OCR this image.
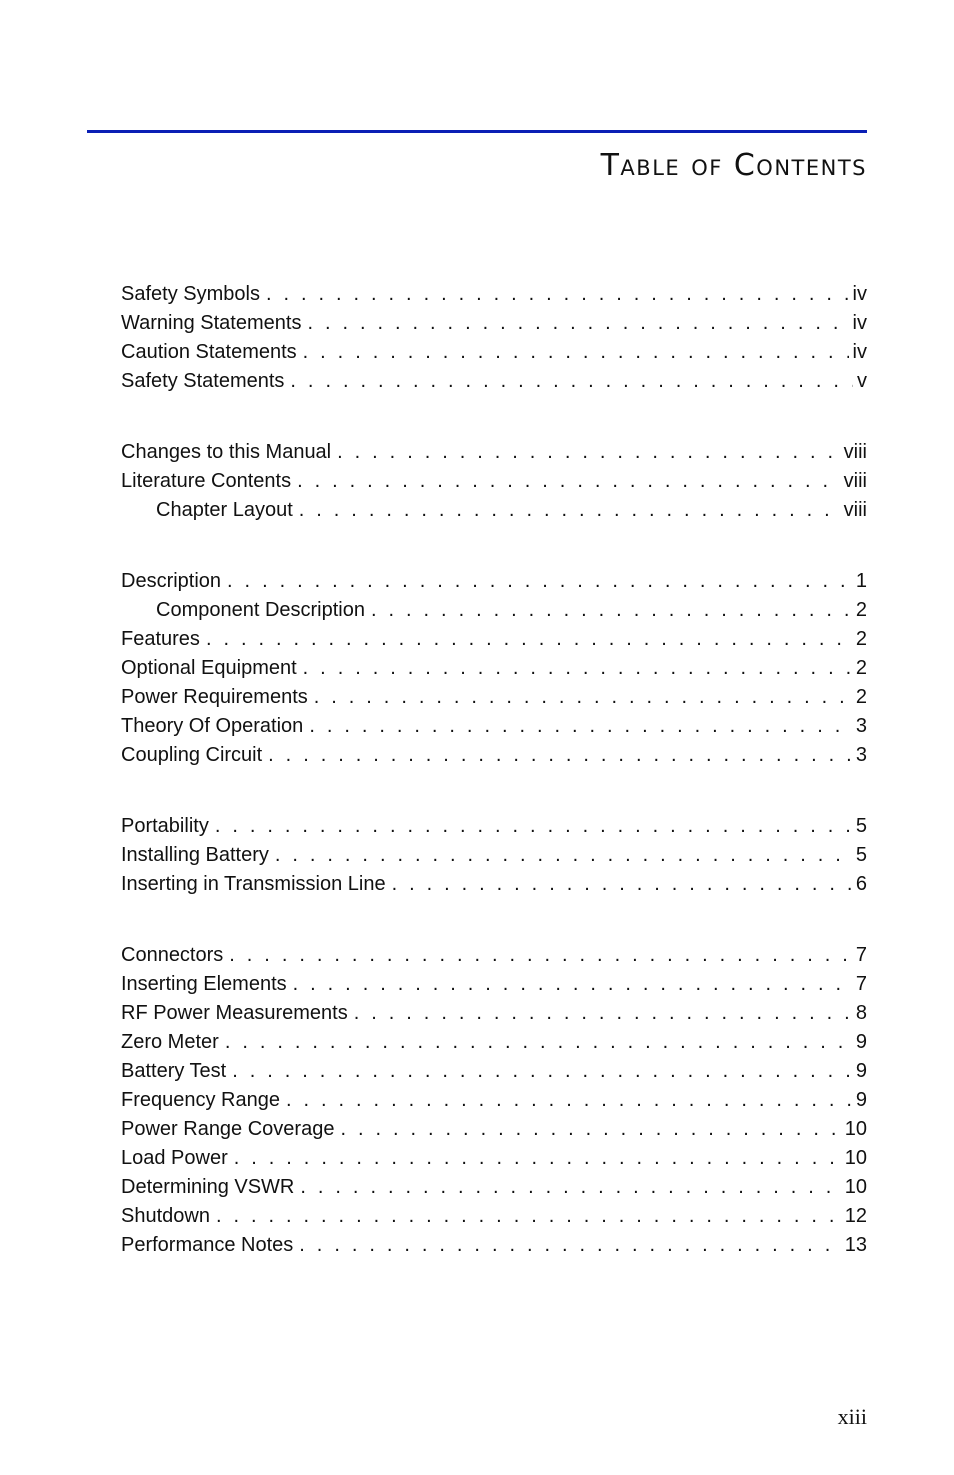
Table of Contents
Safety Symbols . . .	iv
Warning Statements . . .	iv
Caution Statements . . .	iv
Safety Statements . . .	v
Changes to this Manual . . .	viii
Literature Contents . . .	viii
Chapter Layout . . .	viii
Description . . .	1
Component Description . . .	2
Features . . .	2
Optional Equipment . . .	2
Power Requirements . . .	2
Theory Of Operation . . .	3
Coupling Circuit . . .	3
Portability . . .	5
Installing Battery . . .	5
Inserting in Transmission Line . . .	6
Connectors . . .	7
Inserting Elements . . .	7
RF Power Measurements . . .	8
Zero Meter . . .	9
Battery Test . . .	9
Frequency Range . . .	9
Power Range Coverage . . .	10
Load Power . . .	10
Determining VSWR . . .	10
Shutdown . . .	12
Performance Notes . . .	13
xiii
